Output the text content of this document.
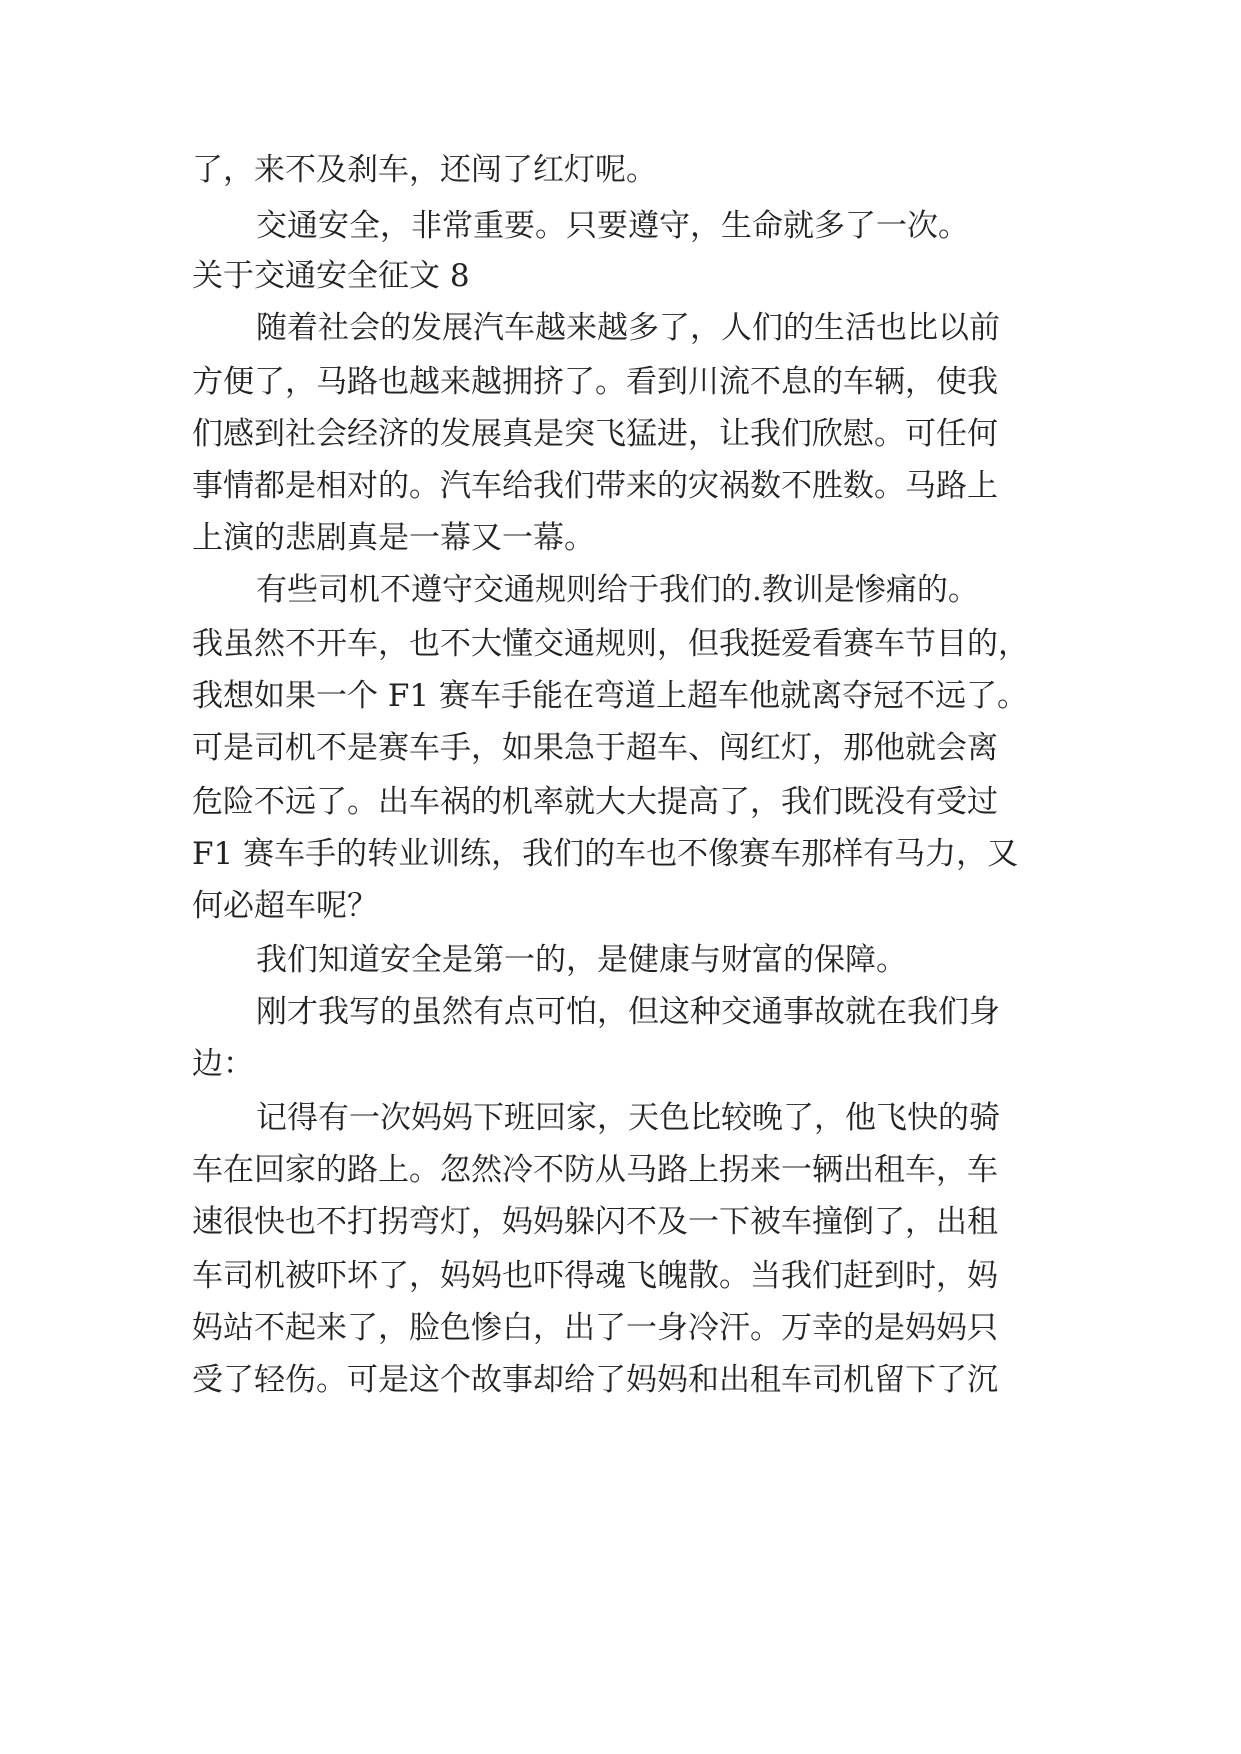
了，来不及刹车，还闯了红灯呢。
交通安全，非常重要。只要遵守，生命就多了一次。
关于交通安全征文 8
随着社会的发展汽车越来越多了，人们的生活也比以前
方便了，马路也越来越拥挤了。看到川流不息的车辆，使我
们感到社会经济的发展真是突飞猛进，让我们欣慰。可任何
事情都是相对的。汽车给我们带来的灾祸数不胜数。马路上
上演的悲剧真是一幕又一幕。
有些司机不遵守交通规则给于我们的.教训是惨痛的。
我虽然不开车，也不大懂交通规则，但我挺爱看赛车节目的，
我想如果一个 F1 赛车手能在弯道上超车他就离夺冠不远了。
可是司机不是赛车手，如果急于超车、闯红灯，那他就会离
危险不远了。出车祸的机率就大大提高了，我们既没有受过
F1 赛车手的转业训练，我们的车也不像赛车那样有马力，又
何必超车呢？
我们知道安全是第一的，是健康与财富的保障。
刚才我写的虽然有点可怕，但这种交通事故就在我们身
边：
记得有一次妈妈下班回家，天色比较晚了，他飞快的骑
车在回家的路上。忽然冷不防从马路上拐来一辆出租车，车
速很快也不打拐弯灯，妈妈躲闪不及一下被车撞倒了，出租
车司机被吓坏了，妈妈也吓得魂飞魄散。当我们赶到时，妈
妈站不起来了，脸色惨白，出了一身冷汗。万幸的是妈妈只
受了轻伤。可是这个故事却给了妈妈和出租车司机留下了沉
